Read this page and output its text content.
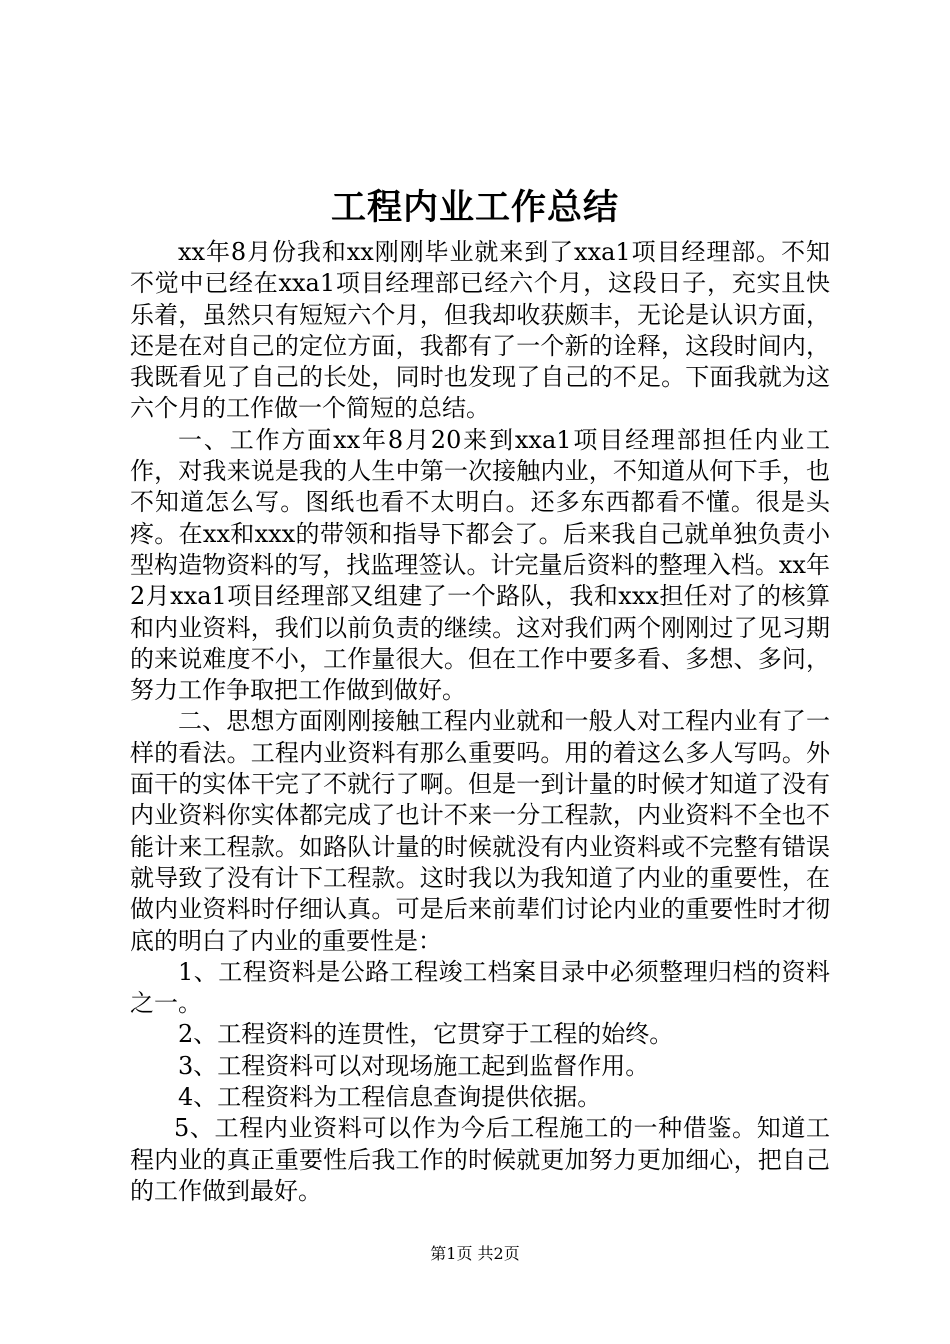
工程内业工作总结

xx年8月份我和xx刚刚毕业就来到了xxa1项目经理部。不知不觉中已经在xxa1项目经理部已经六个月，这段日子，充实且快乐着，虽然只有短短六个月，但我却收获颇丰，无论是认识方面，还是在对自己的定位方面，我都有了一个新的诠释，这段时间内，我既看见了自己的长处，同时也发现了自己的不足。下面我就为这六个月的工作做一个简短的总结。

一、工作方面xx年8月20来到xxa1项目经理部担任内业工作，对我来说是我的人生中第一次接触内业，不知道从何下手，也不知道怎么写。图纸也看不太明白。还多东西都看不懂。很是头疼。在xx和xxx的带领和指导下都会了。后来我自己就单独负责小型构造物资料的写，找监理签认。计完量后资料的整理入档。xx年2月xxa1项目经理部又组建了一个路队，我和xxx担任对了的核算和内业资料，我们以前负责的继续。这对我们两个刚刚过了见习期的来说难度不小，工作量很大。但在工作中要多看、多想、多问，努力工作争取把工作做到做好。

二、思想方面刚刚接触工程内业就和一般人对工程内业有了一样的看法。工程内业资料有那么重要吗。用的着这么多人写吗。外面干的实体干完了不就行了啊。但是一到计量的时候才知道了没有内业资料你实体都完成了也计不来一分工程款，内业资料不全也不能计来工程款。如路队计量的时候就没有内业资料或不完整有错误就导致了没有计下工程款。这时我以为我知道了内业的重要性，在做内业资料时仔细认真。可是后来前辈们讨论内业的重要性时才彻底的明白了内业的重要性是：

1、工程资料是公路工程竣工档案目录中必须整理归档的资料之一。

2、工程资料的连贯性，它贯穿于工程的始终。

3、工程资料可以对现场施工起到监督作用。

4、工程资料为工程信息查询提供依据。

5、工程内业资料可以作为今后工程施工的一种借鉴。知道工程内业的真正重要性后我工作的时候就更加努力更加细心，把自己的工作做到最好。

第1页 共2页
